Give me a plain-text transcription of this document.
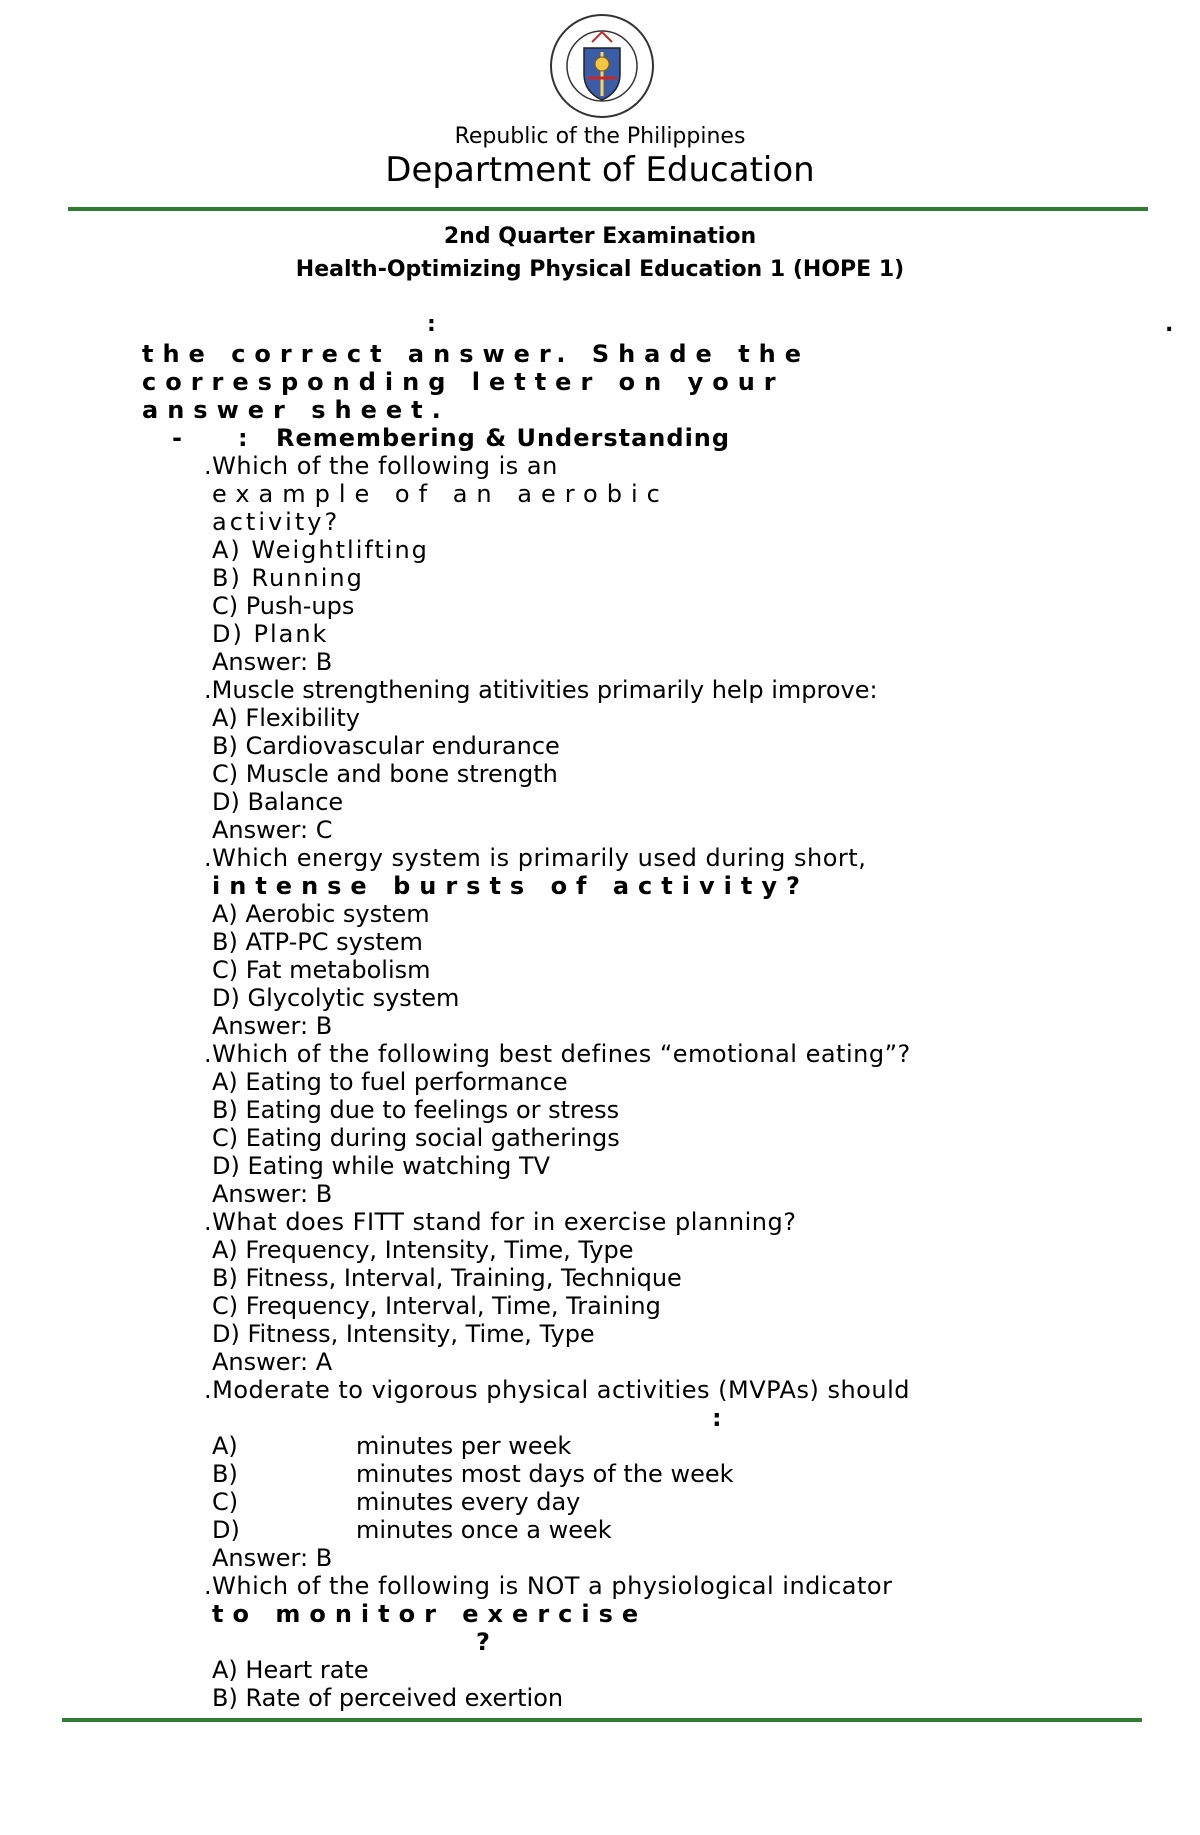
Republic of the Philippines
Department of Education
2nd Quarter Examination
Health-Optimizing Physical Education 1 (HOPE 1)
:	.
the correct answer. Shade the
corresponding letter on your
answer sheet.
- : Remembering & Understanding
.Which of the following is an
example of an aerobic
activity?
A) Weightlifting
B) Running
C) Push-ups
D) Plank
Answer: B
.Muscle strengthening atitivities primarily help improve:
A) Flexibility
B) Cardiovascular endurance
C) Muscle and bone strength
D) Balance
Answer: C
.Which energy system is primarily used during short,
intense bursts of activity?
A) Aerobic system
B) ATP-PC system
C) Fat metabolism
D) Glycolytic system
Answer: B
.Which of the following best defines “emotional eating”?
A) Eating to fuel performance
B) Eating due to feelings or stress
C) Eating during social gatherings
D) Eating while watching TV
Answer: B
.What does FITT stand for in exercise planning?
A) Frequency, Intensity, Time, Type
B) Fitness, Interval, Training, Technique
C) Frequency, Interval, Time, Training
D) Fitness, Intensity, Time, Type
Answer: A
.Moderate to vigorous physical activities (MVPAs) should
:
A)	minutes per week
B)	minutes most days of the week
C)	minutes every day
D)	minutes once a week
Answer: B
.Which of the following is NOT a physiological indicator
to monitor exercise
?
A) Heart rate
B) Rate of perceived exertion
